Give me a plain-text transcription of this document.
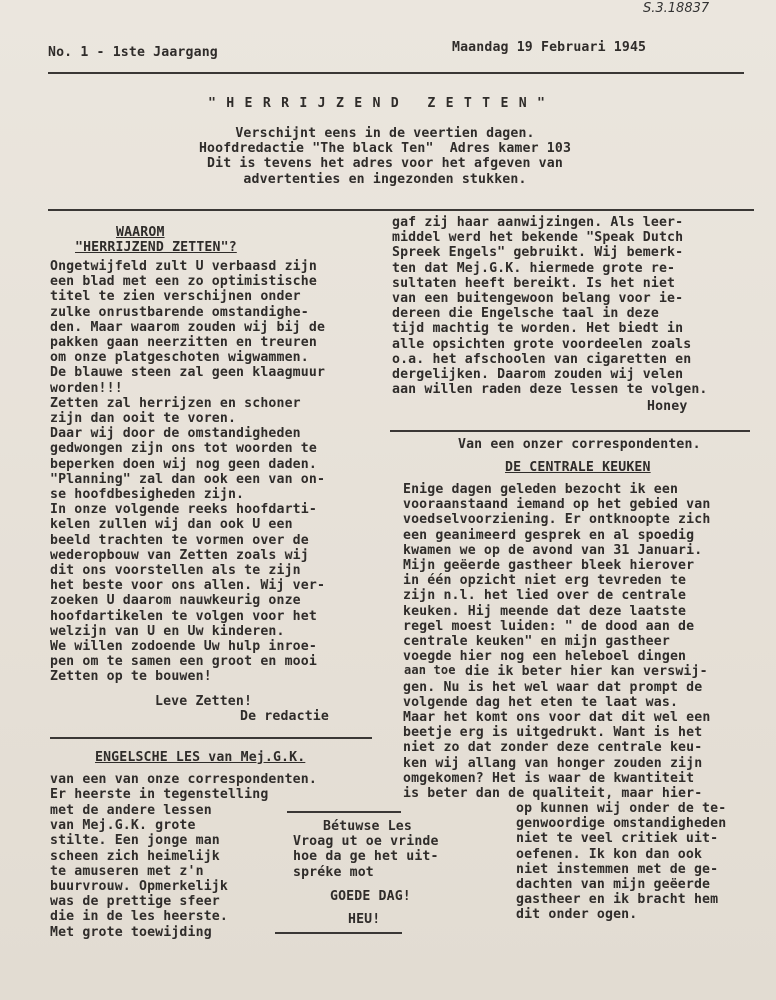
S.3.18837
No. 1 - 1ste Jaargang	Maandag 19 Februari 1945
" H E R R I J Z E N D   Z E T T E N "
Verschijnt eens in de veertien dagen.
Hoofdredactie "The black Ten"  Adres kamer 103
Dit is tevens het adres voor het afgeven van
advertenties en ingezonden stukken.
WAAROM
"HERRIJZEND ZETTEN"?
Ongetwijfeld zult U verbaasd zijn
een blad met een zo optimistische
titel te zien verschijnen onder
zulke onrustbarende omstandighe-
den. Maar waarom zouden wij bij de
pakken gaan neerzitten en treuren
om onze platgeschoten wigwammen.
De blauwe steen zal geen klaagmuur
worden!!!
Zetten zal herrijzen en schoner
zijn dan ooit te voren.
Daar wij door de omstandigheden
gedwongen zijn ons tot woorden te
beperken doen wij nog geen daden.
"Planning" zal dan ook een van on-
se hoofdbesigheden zijn.
In onze volgende reeks hoofdarti-
kelen zullen wij dan ook U een
beeld trachten te vormen over de
wederopbouw van Zetten zoals wij
dit ons voorstellen als te zijn
het beste voor ons allen. Wij ver-
zoeken U daarom nauwkeurig onze
hoofdartikelen te volgen voor het
welzijn van U en Uw kinderen.
We willen zodoende Uw hulp inroe-
pen om te samen een groot en mooi
Zetten op te bouwen!
Leve Zetten!
De redactie
ENGELSCHE LES van Mej.G.K.
van een van onze correspondenten.
Er heerste in tegenstelling
met de andere lessen
van Mej.G.K. grote
stilte. Een jonge man
scheen zich heimelijk
te amuseren met z'n
buurvrouw. Opmerkelijk
was de prettige sfeer
die in de les heerste.
Met grote toewijding
Bétuwse Les
Vroag ut oe vrinde
hoe da ge het uit-
spréke mot
GOEDE DAG!
HEU!
gaf zij haar aanwijzingen. Als leer-
middel werd het bekende "Speak Dutch
Spreek Engels" gebruikt. Wij bemerk-
ten dat Mej.G.K. hiermede grote re-
sultaten heeft bereikt. Is het niet
van een buitengewoon belang voor ie-
dereen die Engelsche taal in deze
tijd machtig te worden. Het biedt in
alle opsichten grote voordeelen zoals
o.a. het afschoolen van cigaretten en
dergelijken. Daarom zouden wij velen
aan willen raden deze lessen te volgen.
Honey
Van een onzer correspondenten.
DE CENTRALE KEUKEN
Enige dagen geleden bezocht ik een
vooraanstaand iemand op het gebied van
voedselvoorziening. Er ontknoopte zich
een geanimeerd gesprek en al spoedig
kwamen we op de avond van 31 Januari.
Mijn geëerde gastheer bleek hierover
in één opzicht niet erg tevreden te
zijn n.l. het lied over de centrale
keuken. Hij meende dat deze laatste
regel moest luiden: " de dood aan de
centrale keuken" en mijn gastheer
voegde hier nog een heleboel dingen
die ik beter hier kan verswij-
gen. Nu is het wel waar dat prompt de
volgende dag het eten te laat was.
Maar het komt ons voor dat dit wel een
beetje erg is uitgedrukt. Want is het
niet zo dat zonder deze centrale keu-
ken wij allang van honger zouden zijn
omgekomen? Het is waar de kwantiteit
is beter dan de qualiteit, maar hier-
aan toe
op kunnen wij onder de te-
genwoordige omstandigheden
niet te veel critiek uit-
oefenen. Ik kon dan ook
niet instemmen met de ge-
dachten van mijn geëerde
gastheer en ik bracht hem
dit onder ogen.
